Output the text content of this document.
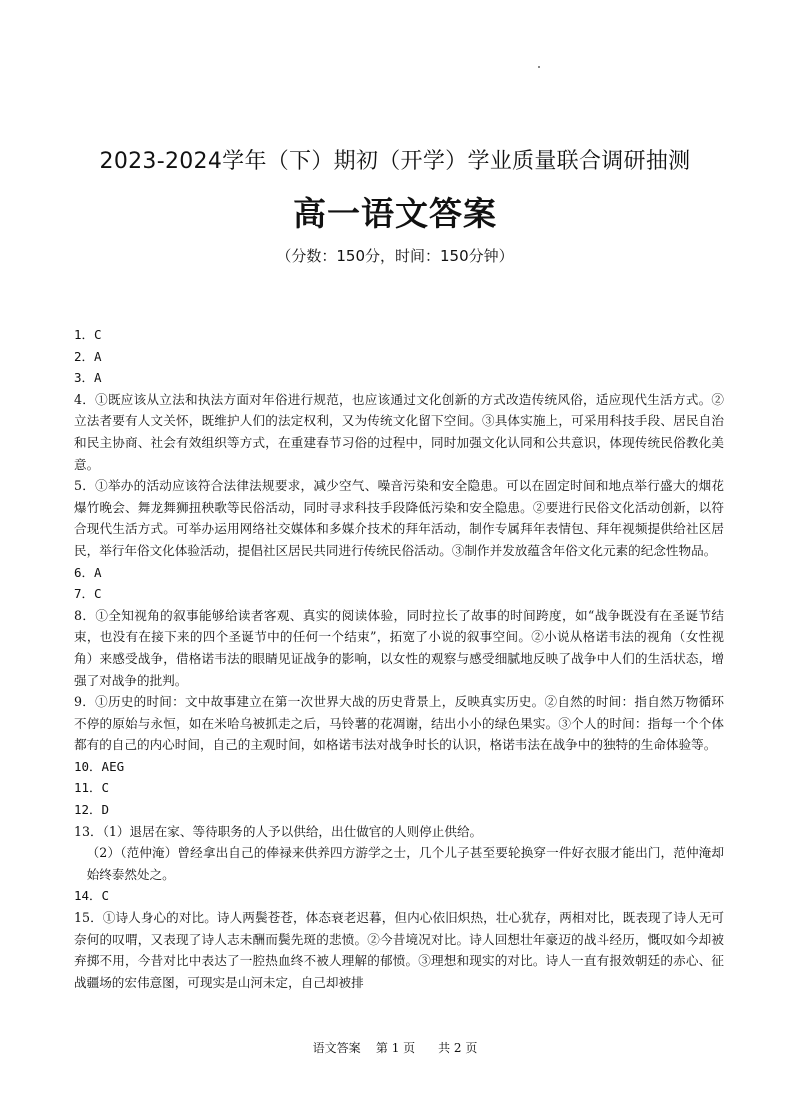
2023-2024学年（下）期初（开学）学业质量联合调研抽测
高一语文答案
（分数：150分，时间：150分钟）

1．C

2．A

3．A

4．①既应该从立法和执法方面对年俗进行规范，也应该通过文化创新的方式改造传统风俗，适应现代生活方式。②立法者要有人文关怀，既维护人们的法定权利，又为传统文化留下空间。③具体实施上，可采用科技手段、居民自治和民主协商、社会有效组织等方式，在重建春节习俗的过程中，同时加强文化认同和公共意识，体现传统民俗教化美意。

5．①举办的活动应该符合法律法规要求，减少空气、噪音污染和安全隐患。可以在固定时间和地点举行盛大的烟花爆竹晚会、舞龙舞狮扭秧歌等民俗活动，同时寻求科技手段降低污染和安全隐患。②要进行民俗文化活动创新，以符合现代生活方式。可举办运用网络社交媒体和多媒介技术的拜年活动，制作专属拜年表情包、拜年视频提供给社区居民，举行年俗文化体验活动，提倡社区居民共同进行传统民俗活动。③制作并发放蕴含年俗文化元素的纪念性物品。

6．A

7．C

8．①全知视角的叙事能够给读者客观、真实的阅读体验，同时拉长了故事的时间跨度，如“战争既没有在圣诞节结束，也没有在接下来的四个圣诞节中的任何一个结束”，拓宽了小说的叙事空间。②小说从格诺韦法的视角（女性视角）来感受战争，借格诺韦法的眼睛见证战争的影响，以女性的观察与感受细腻地反映了战争中人们的生活状态，增强了对战争的批判。

9．①历史的时间：文中故事建立在第一次世界大战的历史背景上，反映真实历史。②自然的时间：指自然万物循环不停的原始与永恒，如在米哈乌被抓走之后，马铃薯的花凋谢，结出小小的绿色果实。③个人的时间：指每一个个体都有的自己的内心时间，自己的主观时间，如格诺韦法对战争时长的认识，格诺韦法在战争中的独特的生命体验等。

10．AEG

11．C

12．D

13．（1）退居在家、等待职务的人予以供给，出仕做官的人则停止供给。

（2）（范仲淹）曾经拿出自己的俸禄来供养四方游学之士，几个儿子甚至要轮换穿一件好衣服才能出门，范仲淹却始终泰然处之。

14．C

15．①诗人身心的对比。诗人两鬓苍苍，体态衰老迟暮，但内心依旧炽热，壮心犹存，两相对比，既表现了诗人无可奈何的叹喟，又表现了诗人志未酬而鬓先斑的悲愤。②今昔境况对比。诗人回想壮年豪迈的战斗经历，慨叹如今却被弃掷不用，今昔对比中表达了一腔热血终不被人理解的郁愤。③理想和现实的对比。诗人一直有报效朝廷的赤心、征战疆场的宏伟意图，可现实是山河未定，自己却被排

语文答案    第 1 页      共 2 页
